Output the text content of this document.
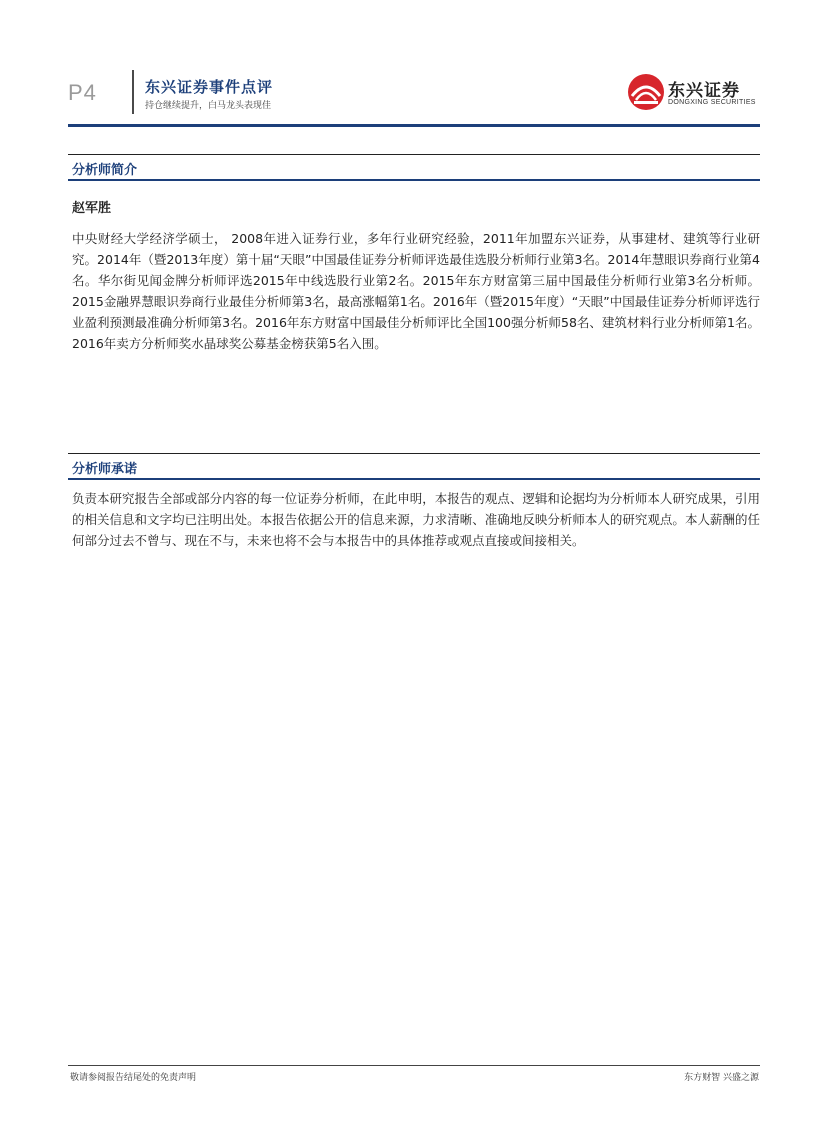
P4	东兴证券事件点评
持仓继续提升，白马龙头表现佳
东兴证券
DONGXING SECURITIES
分析师简介
赵军胜

中央财经大学经济学硕士， 2008年进入证券行业，多年行业研究经验，2011年加盟东兴证券，从事建材、建筑等行业研究。2014年（暨2013年度）第十届“天眼”中国最佳证券分析师评选最佳选股分析师行业第3名。2014年慧眼识券商行业第4名。华尔街见闻金牌分析师评选2015年中线选股行业第2名。2015年东方财富第三届中国最佳分析师行业第3名分析师。2015金融界慧眼识券商行业最佳分析师第3名，最高涨幅第1名。2016年（暨2015年度）“天眼”中国最佳证券分析师评选行业盈利预测最准确分析师第3名。2016年东方财富中国最佳分析师评比全国100强分析师58名、建筑材料行业分析师第1名。2016年卖方分析师奖水晶球奖公募基金榜获第5名入围。

分析师承诺

负责本研究报告全部或部分内容的每一位证券分析师，在此申明，本报告的观点、逻辑和论据均为分析师本人研究成果，引用的相关信息和文字均已注明出处。本报告依据公开的信息来源，力求清晰、准确地反映分析师本人的研究观点。本人薪酬的任何部分过去不曾与、现在不与，未来也将不会与本报告中的具体推荐或观点直接或间接相关。

敬请参阅报告结尾处的免责声明	东方财智 兴盛之源
